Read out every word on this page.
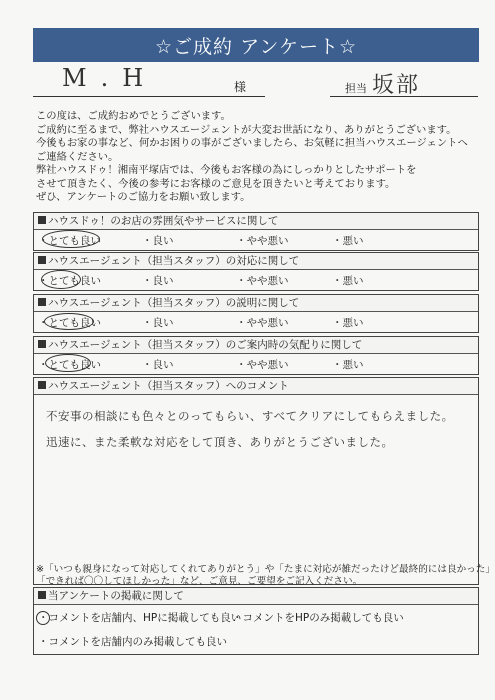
☆ご成約 アンケート☆
M.H	様	担当 坂部
この度は、ご成約おめでとうございます。
ご成約に至るまで、弊社ハウスエージェントが大変お世話になり、ありがとうございます。
今後もお家の事など、何かお困りの事がございましたら、お気軽に担当ハウスエージェントへ
ご連絡ください。
弊社ハウスドゥ！湘南平塚店では、今後もお客様の為にしっかりとしたサポートを
させて頂きたく、今後の参考にお客様のご意見を頂きたいと考えております。
ぜひ、アンケートのご協力をお願い致します。
ハウスドゥ！のお店の雰囲気やサービスに関して
・とても良い	・良い	・やや悪い	・悪い
ハウスエージェント（担当スタッフ）の対応に関して
・とても良い	・良い	・やや悪い	・悪い
ハウスエージェント（担当スタッフ）の説明に関して
・とても良い	・良い	・やや悪い	・悪い
ハウスエージェント（担当スタッフ）のご案内時の気配りに関して
・とても良い	・良い	・やや悪い	・悪い
ハウスエージェント（担当スタッフ）へのコメント
不安事の相談にも色々とのってもらい、すべてクリアにしてもらえました。
迅速に、また柔軟な対応をして頂き、ありがとうございました。
※「いつも親身になって対応してくれてありがとう」や「たまに対応が雑だったけど最終的には良かった」
「できれば〇〇してほしかった」など、ご意見、ご要望をご記入ください。
当アンケートの掲載に関して
・コメントを店舗内、HPに掲載しても良い
・コメントをHPのみ掲載しても良い
・コメントを店舗内のみ掲載しても良い
